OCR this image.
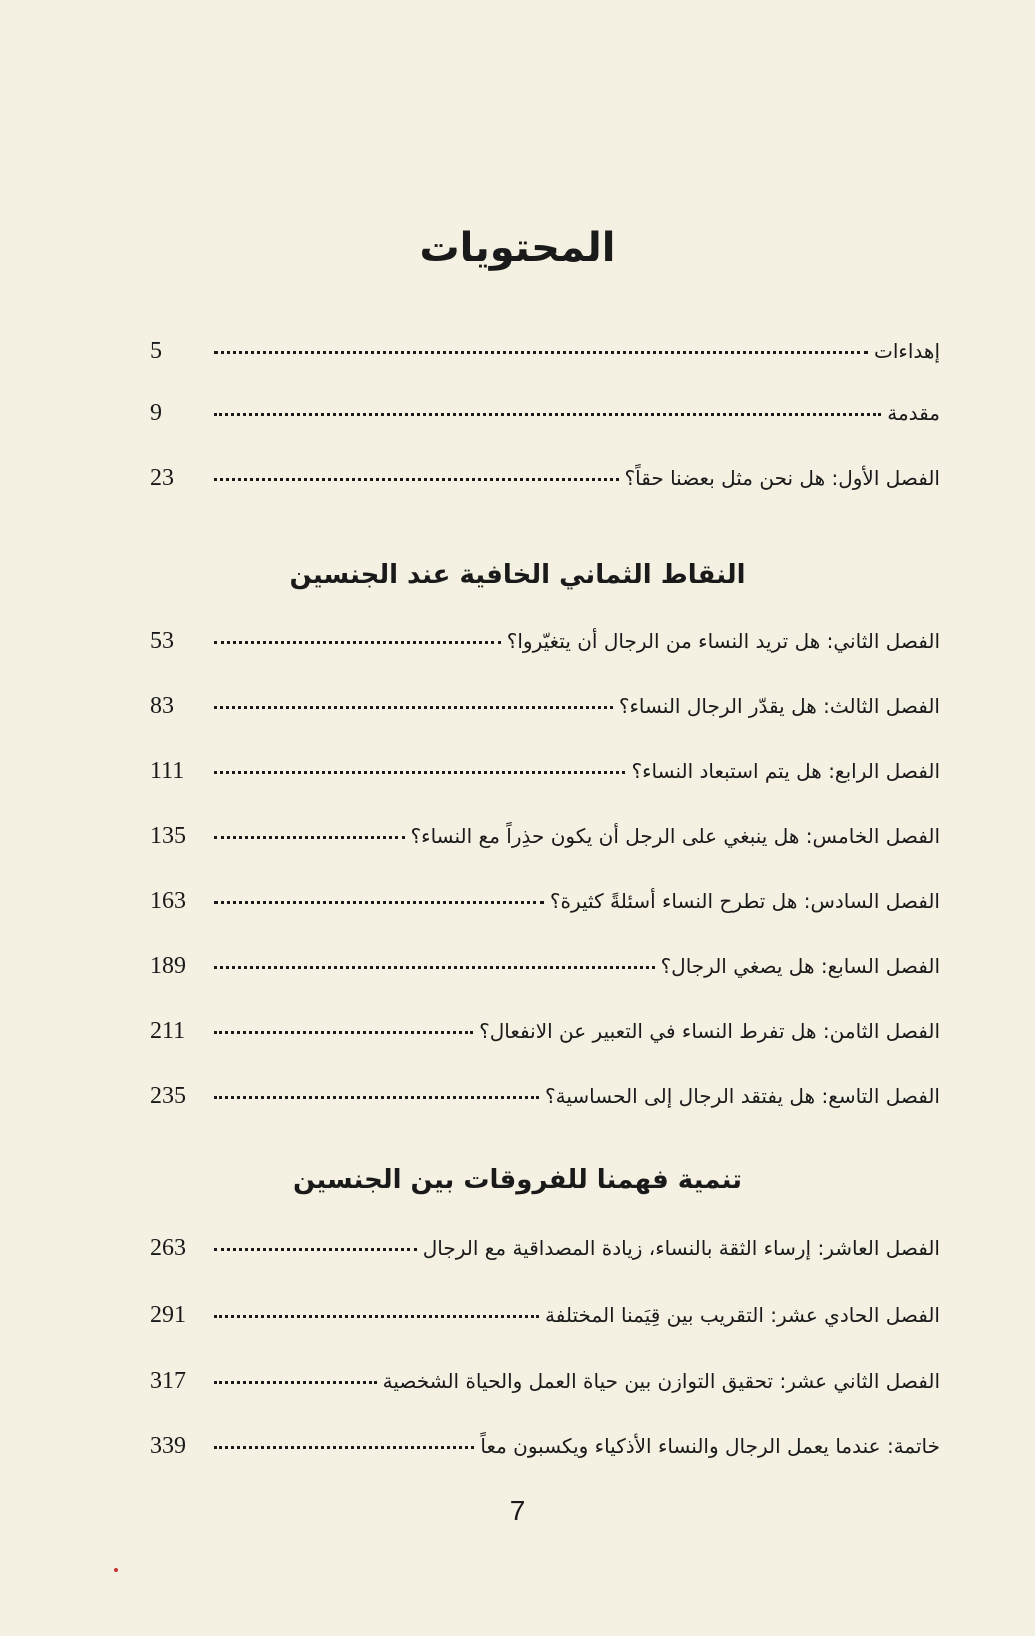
المحتويات
إهداءات
5
مقدمة
9
الفصل الأول: هل نحن مثل بعضنا حقاً؟
23
النقاط الثماني الخافية عند الجنسين
الفصل الثاني: هل تريد النساء من الرجال أن يتغيّروا؟
53
الفصل الثالث: هل يقدّر الرجال النساء؟
83
الفصل الرابع: هل يتم استبعاد النساء؟
111
الفصل الخامس: هل ينبغي على الرجل أن يكون حذِراً مع النساء؟
135
الفصل السادس: هل تطرح النساء أسئلةً كثيرة؟
163
الفصل السابع: هل يصغي الرجال؟
189
الفصل الثامن: هل تفرط النساء في التعبير عن الانفعال؟
211
الفصل التاسع: هل يفتقد الرجال إلى الحساسية؟
235
تنمية فهمنا للفروقات بين الجنسين
الفصل العاشر: إرساء الثقة بالنساء، زيادة المصداقية مع الرجال
263
الفصل الحادي عشر: التقريب بين قِيَمنا المختلفة
291
الفصل الثاني عشر: تحقيق التوازن بين حياة العمل والحياة الشخصية
317
خاتمة: عندما يعمل الرجال والنساء الأذكياء ويكسبون معاً
339
7
